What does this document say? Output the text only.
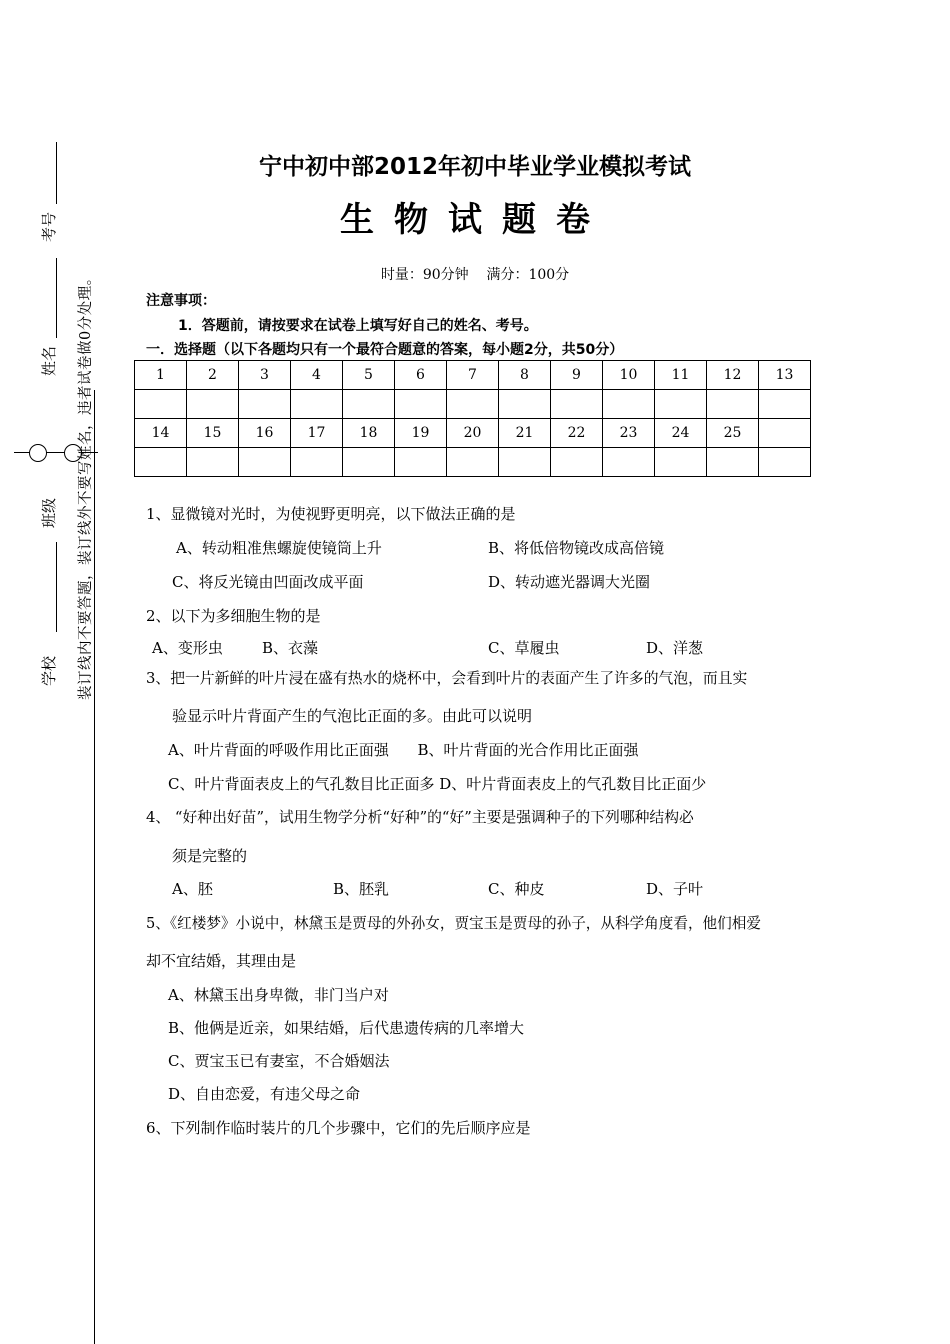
考号
姓名
班级
学校 装订线内不要答题，装订线外不要写姓名，违者试卷做0分处理。
宁中初中部2012年初中毕业学业模拟考试
生物试题卷
时量：90分钟    满分：100分
注意事项：
1．答题前，请按要求在试卷上填写好自己的姓名、考号。
一．选择题（以下各题均只有一个最符合题意的答案，每小题2分，共50分）
1	2	3	4	5	6	7	8	9	10	11	12	13

14	15	16	17	18	19	20	21	22	23	24	25	

1、显微镜对光时，为使视野更明亮，以下做法正确的是
A、转动粗准焦螺旋使镜筒上升	B、将低倍物镜改成高倍镜
C、将反光镜由凹面改成平面	D、转动遮光器调大光圈
2、以下为多细胞生物的是
A、变形虫	B、衣藻	C、草履虫	D、洋葱
3、把一片新鲜的叶片浸在盛有热水的烧杯中，会看到叶片的表面产生了许多的气泡，而且实
验显示叶片背面产生的气泡比正面的多。由此可以说明
A、叶片背面的呼吸作用比正面强      B、叶片背面的光合作用比正面强
C、叶片背面表皮上的气孔数目比正面多 D、叶片背面表皮上的气孔数目比正面少
4、 “好种出好苗”，试用生物学分析“好种”的“好”主要是强调种子的下列哪种结构必
须是完整的
A、胚	B、胚乳	C、种皮	D、子叶
5、《红楼梦》小说中，林黛玉是贾母的外孙女，贾宝玉是贾母的孙子，从科学角度看，他们相爱
却不宜结婚，其理由是
A、林黛玉出身卑微，非门当户对
B、他俩是近亲，如果结婚，后代患遗传病的几率增大
C、贾宝玉已有妻室，不合婚姻法
D、自由恋爱，有违父母之命
6、下列制作临时装片的几个步骤中，它们的先后顺序应是
